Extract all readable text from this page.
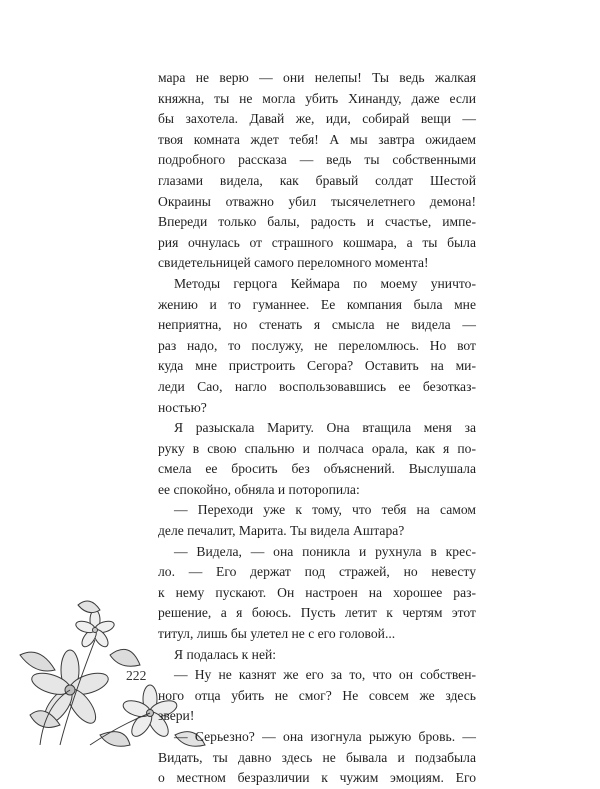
222
мара не верю — они нелепы! Ты ведь жалкая
княжна, ты не могла убить Хинанду, даже если
бы захотела. Давай же, иди, собирай вещи —
твоя комната ждет тебя! А мы завтра ожидаем
подробного рассказа — ведь ты собственными
глазами видела, как бравый солдат Шестой
Окраины отважно убил тысячелетнего демона!
Впереди только балы, радость и счастье, импе-
рия очнулась от страшного кошмара, а ты была
свидетельницей самого переломного момента!
Методы герцога Кеймара по моему уничто-
жению и то гуманнее. Ее компания была мне
неприятна, но стенать я смысла не видела —
раз надо, то послужу, не переломлюсь. Но вот
куда мне пристроить Сегора? Оставить на ми-
леди Сао, нагло воспользовавшись ее безотказ-
ностью?
Я разыскала Мариту. Она втащила меня за
руку в свою спальню и полчаса орала, как я по-
смела ее бросить без объяснений. Выслушала
ее спокойно, обняла и поторопила:
— Переходи уже к тому, что тебя на самом
деле печалит, Марита. Ты видела Аштара?
— Видела, — она поникла и рухнула в крес-
ло. — Его держат под стражей, но невесту
к нему пускают. Он настроен на хорошее раз-
решение, а я боюсь. Пусть летит к чертям этот
титул, лишь бы улетел не с его головой...
Я подалась к ней:
— Ну не казнят же его за то, что он собствен-
ного отца убить не смог? Не совсем же здесь
звери!
— Серьезно? — она изогнула рыжую бровь. —
Видать, ты давно здесь не бывала и подзабыла
о местном безразличии к чужим эмоциям. Его
